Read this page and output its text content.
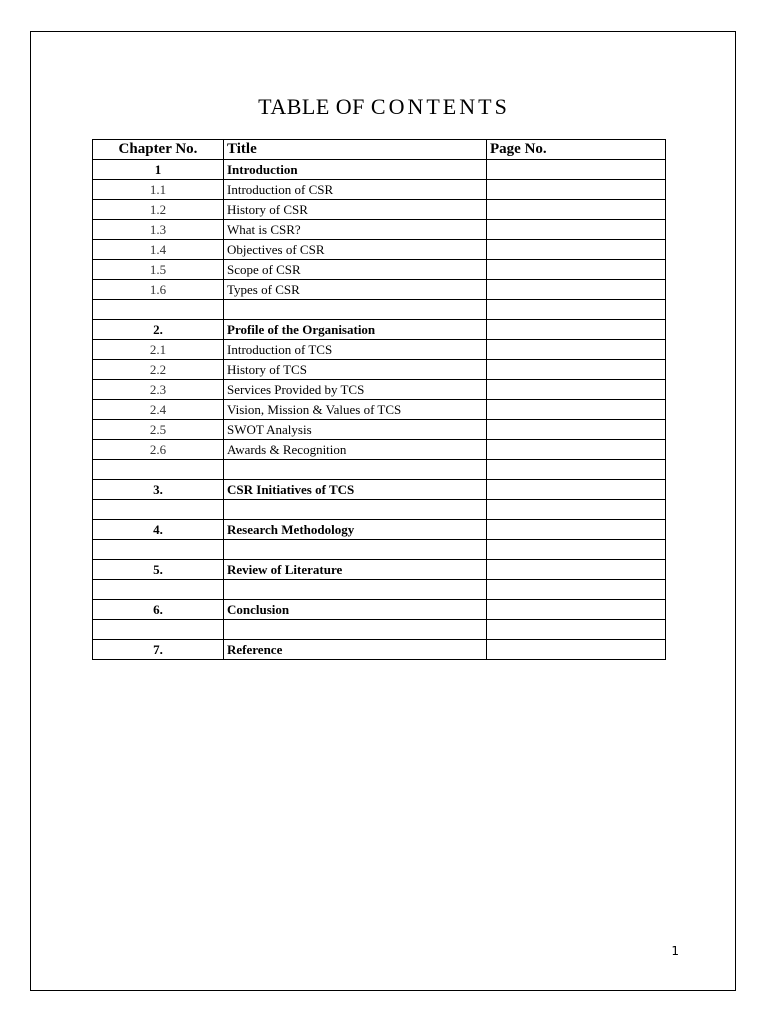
TABLE OF CONTENTS
Chapter No.	Title	Page No.
1	Introduction	
1.1	Introduction of CSR	
1.2	History of CSR	
1.3	What is CSR?	
1.4	Objectives of CSR	
1.5	Scope of CSR	
1.6	Types of CSR	

2.	Profile of the Organisation	
2.1	Introduction of TCS	
2.2	History of TCS	
2.3	Services Provided by TCS	
2.4	Vision, Mission & Values of TCS	
2.5	SWOT Analysis	
2.6	Awards & Recognition	

3.	CSR Initiatives of TCS	

4.	Research Methodology	

5.	Review of Literature	

6.	Conclusion	

7.	Reference	
1
